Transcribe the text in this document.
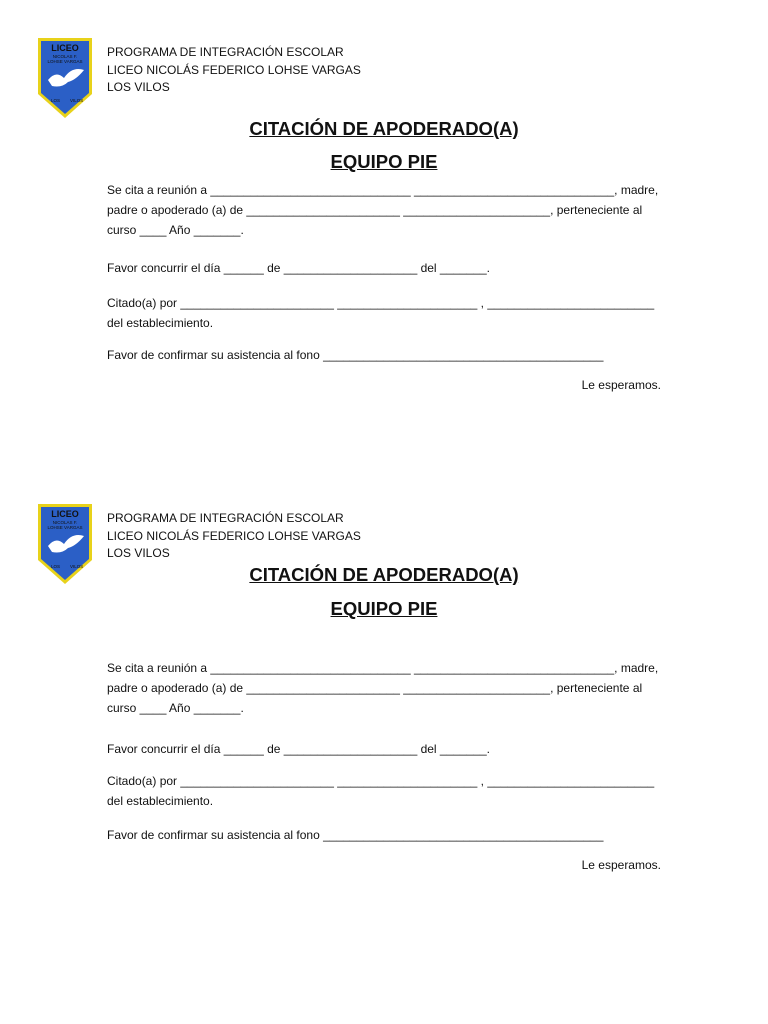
LICEO
NICOLAS F.
LOHSE VARGAS
LOS VILOS
PROGRAMA DE INTEGRACIÓN ESCOLAR
LICEO NICOLÁS FEDERICO LOHSE VARGAS
LOS VILOS
CITACIÓN DE APODERADO(A)
EQUIPO PIE
Se cita a reunión a ______________________________ ______________________________, madre,
padre o apoderado (a) de _______________________ ______________________, perteneciente al
curso ____ Año _______.
Favor concurrir el día ______ de ____________________ del _______.
Citado(a) por _______________________ _____________________ , _________________________
del establecimiento.
Favor de confirmar su asistencia al fono __________________________________________
Le esperamos.
LICEO
NICOLAS F.
LOHSE VARGAS
LOS VILOS
PROGRAMA DE INTEGRACIÓN ESCOLAR
LICEO NICOLÁS FEDERICO LOHSE VARGAS
LOS VILOS
CITACIÓN DE APODERADO(A)
EQUIPO PIE
Se cita a reunión a ______________________________ ______________________________, madre,
padre o apoderado (a) de _______________________ ______________________, perteneciente al
curso ____ Año _______.
Favor concurrir el día ______ de ____________________ del _______.
Citado(a) por _______________________ _____________________ , _________________________
del establecimiento.
Favor de confirmar su asistencia al fono __________________________________________
Le esperamos.
